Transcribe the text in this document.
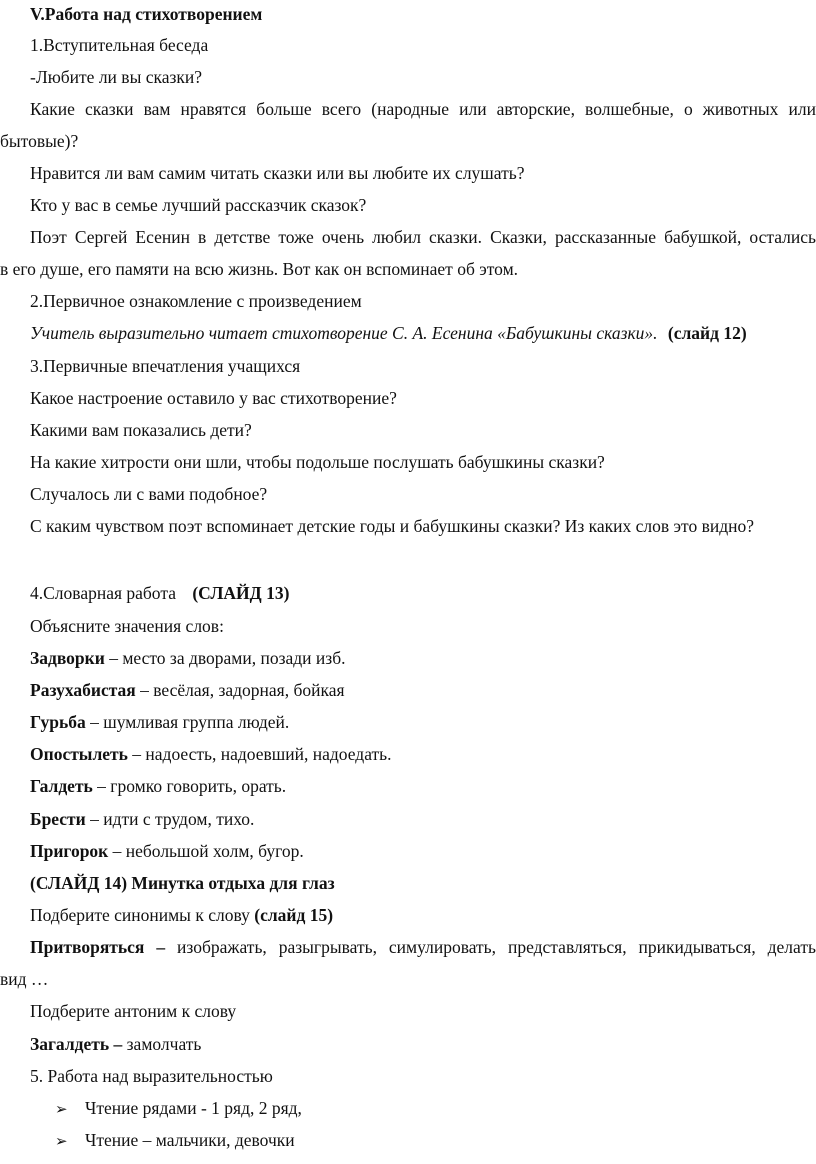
V.Работа над стихотворением
1.Вступительная беседа
-Любите ли вы сказки?
Какие сказки вам нравятся больше всего (народные или авторские, волшебные, о животных или
бытовые)?
Нравится ли вам самим читать сказки или вы любите их слушать?
Кто у вас в семье лучший рассказчик сказок?
Поэт Сергей Есенин в детстве тоже очень любил сказки. Сказки, рассказанные бабушкой, остались
в его душе, его памяти на всю жизнь. Вот как он вспоминает об этом.
2.Первичное ознакомление с произведением
Учитель выразительно читает стихотворение С. А. Есенина «Бабушкины сказки». (слайд 12)
3.Первичные впечатления учащихся
Какое настроение оставило у вас стихотворение?
Какими вам показались дети?
На какие хитрости они шли, чтобы подольше послушать бабушкины сказки?
Случалось ли с вами подобное?
С каким чувством поэт вспоминает детские годы и бабушкины сказки? Из каких слов это видно?
4.Словарная работа (СЛАЙД 13)
Объясните значения слов:
Задворки – место за дворами, позади изб.
Разухабистая – весёлая, задорная, бойкая
Гурьба – шумливая группа людей.
Опостылеть – надоесть, надоевший, надоедать.
Галдеть – громко говорить, орать.
Брести – идти с трудом, тихо.
Пригорок – небольшой холм, бугор.
(СЛАЙД 14) Минутка отдыха для глаз
Подберите синонимы к слову (слайд 15)
Притворяться – изображать, разыгрывать, симулировать, представляться, прикидываться, делать
вид …
Подберите антоним к слову
Загалдеть – замолчать
5. Работа над выразительностью
➢ Чтение рядами - 1 ряд, 2 ряд,
➢ Чтение – мальчики, девочки
